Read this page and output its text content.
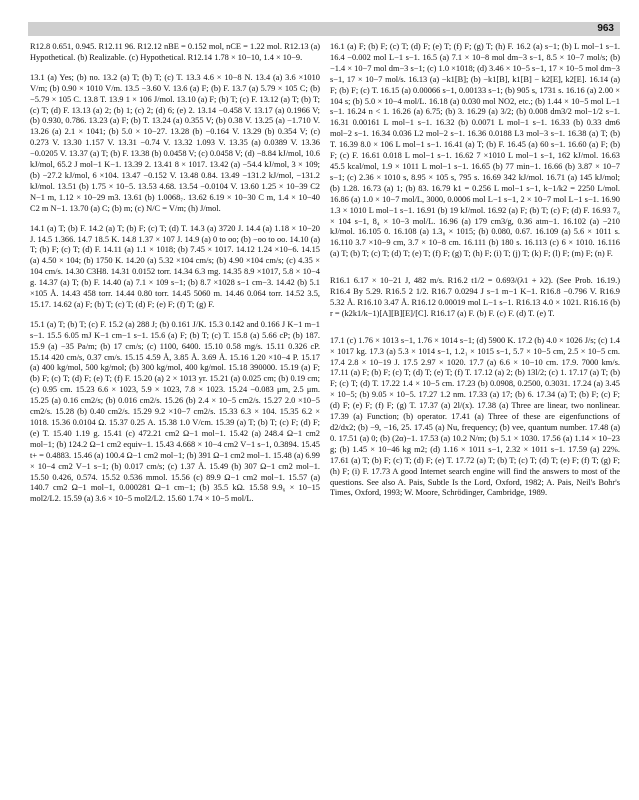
963

R12.8 0.651, 0.945. R12.11 96. R12.12 nBE = 0.152 mol, nCE = 1.22 mol. R12.13 (a) Hypothetical. (b) Realizable. (c) Hypothetical. R12.14 1.78 × 10−10, 1.4 × 10−9.

13.1 (a) Yes; (b) no. 13.2 (a) T; (b) T; (c) T. 13.3 4.6 × 10−8 N. 13.4 (a) 3.6 ×1010 V/m; (b) 0.90 × 1010 V/m. 13.5 −3.60 V. 13.6 (a) F; (b) F. 13.7 (a) 5.79 × 105 C; (b) −5.79 × 105 C. 13.8 T. 13.9 1 × 106 J/mol. 13.10 (a) F; (b) T; (c) F. 13.12 (a) T; (b) T; (c) T; (d) F. 13.13 (a) 2; (b) 1; (c) 2; (d) 6; (e) 2. 13.14 −0.458 V. 13.17 (a) 0.1966 V; (b) 0.930, 0.786. 13.23 (a) F; (b) T. 13.24 (a) 0.355 V; (b) 0.38 V. 13.25 (a) −1.710 V. 13.26 (a) 2.1 × 1041; (b) 5.0 × 10−27. 13.28 (b) −0.164 V. 13.29 (b) 0.354 V; (c) 0.273 V. 13.30 1.157 V. 13.31 −0.74 V. 13.32 1.093 V. 13.35 (a) 0.0389 V. 13.36 −0.0205 V. 13.37 (a) T; (b) F. 13.38 (b) 0.0458 V; (c) 0.0458 V; (d) −8.84 kJ/mol, 10.6 kJ/mol, 65.2 J mol−1 K−1. 13.39 2. 13.41 8 × 1017. 13.42 (a) −54.4 kJ/mol, 3 × 109; (b) −27.2 kJ/mol, 6 ×104. 13.47 −0.152 V. 13.48 0.84. 13.49 −131.2 kJ/mol, −131.2 kJ/mol. 13.51 (b) 1.75 × 10−5. 13.53 4.68. 13.54 −0.0104 V. 13.60 1.25 × 10−39 C2 N−1 m, 1.12 × 10−29 m3. 13.61 (b) 1.0068₇. 13.62 6.19 × 10−30 C m, 1.4 × 10−40 C2 m N−1. 13.70 (a) C; (b) m; (c) N/C = V/m; (h) J/mol.

14.1 (a) T; (b) F. 14.2 (a) T; (b) F; (c) T; (d) T. 14.3 (a) 3720 J. 14.4 (a) 1.18 × 10−20 J. 14.5 1.366. 14.7 18.5 K. 14.8 1.37 × 107 J. 14.9 (a) 0 to oo; (b) −oo to oo. 14.10 (a) T; (b) F; (c) T; (d) F. 14.11 (a) 1.1 × 1018; (b) 7.45 × 1017. 14.12 1.24 ×10−6. 14.15 (a) 4.50 × 104; (b) 1750 K. 14.20 (a) 5.32 ×104 cm/s; (b) 4.90 ×104 cm/s; (c) 4.35 × 104 cm/s. 14.30 C3H8. 14.31 0.0152 torr. 14.34 6.3 mg. 14.35 8.9 ×1017, 5.8 × 10−4 g. 14.37 (a) T; (b) F. 14.40 (a) 7.1 × 109 s−1; (b) 8.7 ×1028 s−1 cm−3. 14.42 (b) 5.1 ×105 Å. 14.43 458 torr. 14.44 0.80 torr. 14.45 5060 m. 14.46 0.064 torr. 14.52 3.5, 15.17. 14.62 (a) F; (b) T; (c) T; (d) F; (e) F; (f) T; (g) F.

15.1 (a) T; (b) T; (c) F. 15.2 (a) 288 J; (b) 0.161 J/K. 15.3 0.142 and 0.166 J K−1 m−1 s−1. 15.5 6.05 mJ K−1 cm−1 s−1. 15.6 (a) F; (b) T; (c) T. 15.8 (a) 5.66 cP; (b) 187. 15.9 (a) −35 Pa/m; (b) 17 cm/s; (c) 1100, 6400. 15.10 0.58 mg/s. 15.11 0.326 cP. 15.14 420 cm/s, 0.37 cm/s. 15.15 4.59 Å, 3.85 Å. 3.69 Å. 15.16 1.20 ×10−4 P. 15.17 (a) 400 kg/mol, 500 kg/mol; (b) 300 kg/mol, 400 kg/mol. 15.18 390000. 15.19 (a) F; (b) F; (c) T; (d) F; (e) T; (f) F. 15.20 (a) 2 × 1013 yr. 15.21 (a) 0.025 cm; (b) 0.19 cm; (c) 0.95 cm. 15.23 6.6 × 1023, 5.9 × 1023, 7.8 × 1023. 15.24 −0.083 μm, 2.5 μm. 15.25 (a) 0.16 cm2/s; (b) 0.016 cm2/s. 15.26 (b) 2.4 × 10−5 cm2/s. 15.27 2.0 ×10−5 cm2/s. 15.28 (b) 0.40 cm2/s. 15.29 9.2 ×10−7 cm2/s. 15.33 6.3 × 104. 15.35 6.2 × 1018. 15.36 0.0104 Ω. 15.37 0.25 A. 15.38 1.0 V/cm. 15.39 (a) T; (b) T; (c) F; (d) F; (e) T. 15.40 1.19 g. 15.41 (c) 472.21 cm2 Ω−1 mol−1. 15.42 (a) 248.4 Ω−1 cm2 mol−1; (b) 124.2 Ω−1 cm2 equiv−1. 15.43 4.668 × 10−4 cm2 V−1 s−1, 0.3894. 15.45 t+ = 0.4883. 15.46 (a) 100.4 Ω−1 cm2 mol−1; (b) 391 Ω−1 cm2 mol−1. 15.48 (a) 6.99 × 10−4 cm2 V−1 s−1; (b) 0.017 cm/s; (c) 1.37 Å. 15.49 (b) 307 Ω−1 cm2 mol−1. 15.50 0.426, 0.574. 15.52 0.536 mmol. 15.56 (c) 89.9 Ω−1 cm2 mol−1. 15.57 (a) 140.7 cm2 Ω−1 mol−1, 0.000281 Ω−1 cm−1; (b) 35.5 kΩ. 15.58 9.9₆ × 10−15 mol2/L2. 15.59 (a) 3.6 × 10−5 mol2/L2. 15.60 1.74 × 10−5 mol/L.

16.1 (a) F; (b) F; (c) T; (d) F; (e) T; (f) F; (g) T; (h) F. 16.2 (a) s−1; (b) L mol−1 s−1. 16.4 −0.002 mol L−1 s−1. 16.5 (a) 7.1 × 10−8 mol dm−3 s−1, 8.5 × 10−7 mol/s; (b) −1.4 × 10−7 mol dm−3 s−1; (c) 1.0 ×1018; (d) 3.46 × 10−5 s−1, 17 × 10−5 mol dm−3 s−1, 17 × 10−7 mol/s. 16.13 (a) −k1[B]; (b) −k1[B], k1[B] − k2[E], k2[E]. 16.14 (a) F; (b) F; (c) T. 16.15 (a) 0.00066 s−1, 0.00133 s−1; (b) 905 s, 1731 s. 16.16 (a) 2.00 × 104 s; (b) 5.0 × 10−4 mol/L. 16.18 (a) 0.030 mol NO2, etc.; (b) 1.44 × 10−5 mol L−1 s−1. 16.24 n < 1. 16.26 (a) 6.75; (b) 3. 16.29 (a) 3/2; (b) 0.008 dm3/2 mol−1/2 s−1. 16.31 0.00161 L mol−1 s−1. 16.32 (b) 0.0071 L mol−1 s−1. 16.33 (b) 0.33 dm6 mol−2 s−1. 16.34 0.036 L2 mol−2 s−1. 16.36 0.0188 L3 mol−3 s−1. 16.38 (a) T; (b) T. 16.39 8.0 × 106 L mol−1 s−1. 16.41 (a) T; (b) F. 16.45 (a) 60 s−1. 16.60 (a) F; (b) F; (c) F. 16.61 0.018 L mol−1 s−1. 16.62 7 ×1010 L mol−1 s−1, 162 kJ/mol. 16.63 45.5 kcal/mol, 1.9 × 1011 L mol−1 s−1. 16.65 (b) 77 min−1. 16.66 (b) 3.87 × 10−7 s−1; (c) 2.36 × 1010 s, 8.95 × 105 s, 795 s. 16.69 342 kJ/mol. 16.71 (a) 145 kJ/mol; (b) 1.28. 16.73 (a) 1; (b) 83. 16.79 k1 = 0.256 L mol−1 s−1, k−1/k2 = 2250 L/mol. 16.86 (a) 1.0 × 10−7 mol/L, 3000, 0.0006 mol L−1 s−1, 2 × 10−7 mol L−1 s−1. 16.90 1.3 × 1010 L mol−1 s−1. 16.91 (b) 19 kJ/mol. 16.92 (a) F; (b) T; (c) F; (d) F. 16.93 7₆ × 104 s−1, 8₄ × 10−3 mol/L. 16.96 (a) 179 cm3/g, 0.36 atm−1. 16.102 (a) −210 kJ/mol. 16.105 0. 16.108 (a) 1.3₈ × 1015; (b) 0.080, 0.67. 16.109 (a) 5.6 × 1011 s. 16.110 3.7 ×10−9 cm, 3.7 × 10−8 cm. 16.111 (b) 180 s. 16.113 (c) 6 × 1010. 16.116 (a) T; (b) T; (c) T; (d) T; (e) T; (f) F; (g) T; (h) F; (i) T; (j) T; (k) F; (l) F; (m) F; (n) F.

R16.1 6.17 × 10−21 J, 482 m/s. R16.2 t1/2 = 0.693/(λ1 + λ2). (See Prob. 16.19.) R16.4 By 5.29. R16.5 2 1/2. R16.7 0.0294 J s−1 m−1 K−1. R16.8 −0.796 V. R16.9 5.32 Å. R16.10 3.47 Å. R16.12 0.00019 mol L−1 s−1. R16.13 4.0 × 1021. R16.16 (b) r = (k2k1/k−1)[A][B][E]/[C]. R16.17 (a) F. (b) F. (c) F. (d) T. (e) T.

17.1 (c) 1.76 × 1013 s−1, 1.76 × 1014 s−1; (d) 5900 K. 17.2 (b) 4.0 × 1026 J/s; (c) 1.4 × 1017 kg. 17.3 (a) 5.3 × 1014 s−1, 1.2₁ × 1015 s−1, 5.7 × 10−5 cm, 2.5 × 10−5 cm. 17.4 2.8 × 10−19 J. 17.5 2.97 × 1020. 17.7 (a) 6.6 × 10−10 cm. 17.9. 7000 km/s. 17.11 (a) F; (b) F; (c) T; (d) T; (e) T; (f) T. 17.12 (a) 2; (b) 13l/2; (c) 1. 17.17 (a) T; (b) F; (c) T; (d) T. 17.22 1.4 × 10−5 cm. 17.23 (b) 0.0908, 0.2500, 0.3031. 17.24 (a) 3.45 × 10−5; (b) 9.05 × 10−5. 17.27 1.2 nm. 17.33 (a) 17; (b) 6. 17.34 (a) T; (b) F; (c) F; (d) F; (e) F; (f) F; (g) T. 17.37 (a) 2l/(x). 17.38 (a) Three are linear, two nonlinear. 17.39 (a) Function; (b) operator. 17.41 (a) Three of these are eigenfunctions of d2/dx2; (b) −9, −16, 25. 17.45 (a) Nu, frequency; (b) vee, quantum number. 17.48 (a) 0. 17.51 (a) 0; (b) (2α)−1. 17.53 (a) 10.2 N/m; (b) 5.1 × 1030. 17.56 (a) 1.14 × 10−23 g; (b) 1.45 × 10−46 kg m2; (d) 1.16 × 1011 s−1, 2.32 × 1011 s−1. 17.59 (a) 22%. 17.61 (a) T; (b) F; (c) T; (d) F; (e) T. 17.72 (a) T; (b) T; (c) T; (d) T; (e) F; (f) T; (g) F; (h) F; (i) F. 17.73 A good Internet search engine will find the answers to most of the questions. See also A. Pais, Subtle Is the Lord, Oxford, 1982; A. Pais, Neil's Bohr's Times, Oxford, 1993; W. Moore, Schrödinger, Cambridge, 1989.
